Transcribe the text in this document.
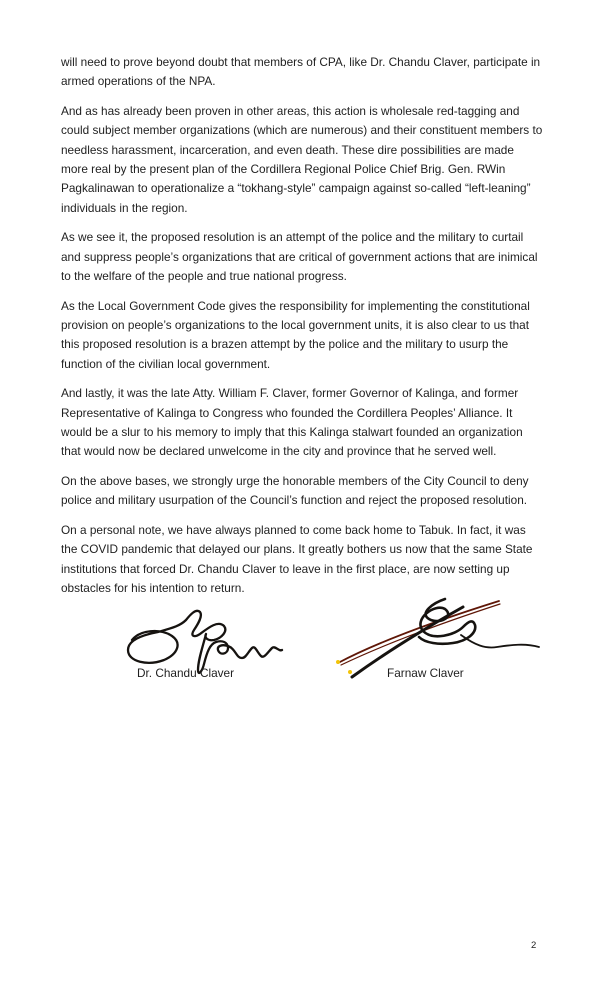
will need to prove beyond doubt that members of CPA, like Dr. Chandu Claver, participate in armed operations of the NPA.

And as has already been proven in other areas, this action is wholesale red-tagging and could subject member organizations (which are numerous) and their constituent members to needless harassment, incarceration, and even death. These dire possibilities are made more real by the present plan of the Cordillera Regional Police Chief Brig. Gen. RWin Pagkalinawan to operationalize a “tokhang-style” campaign against so-called “left-leaning” individuals in the region.

As we see it, the proposed resolution is an attempt of the police and the military to curtail and suppress people’s organizations that are critical of government actions that are inimical to the welfare of the people and true national progress.

As the Local Government Code gives the responsibility for implementing the constitutional provision on people’s organizations to the local government units, it is also clear to us that this proposed resolution is a brazen attempt by the police and the military to usurp the function of the civilian local government.

And lastly, it was the late Atty. William F. Claver, former Governor of Kalinga, and former Representative of Kalinga to Congress who founded the Cordillera Peoples’ Alliance. It would be a slur to his memory to imply that this Kalinga stalwart founded an organization that would now be declared unwelcome in the city and province that he served well.

On the above bases, we strongly urge the honorable members of the City Council to deny police and military usurpation of the Council’s function and reject the proposed resolution.

On a personal note, we have always planned to come back home to Tabuk. In fact, it was the COVID pandemic that delayed our plans. It greatly bothers us now that the same State institutions that forced Dr. Chandu Claver to leave in the first place, are now setting up obstacles for his intention to return.

Dr. Chandu Claver	Farnaw Claver
2
